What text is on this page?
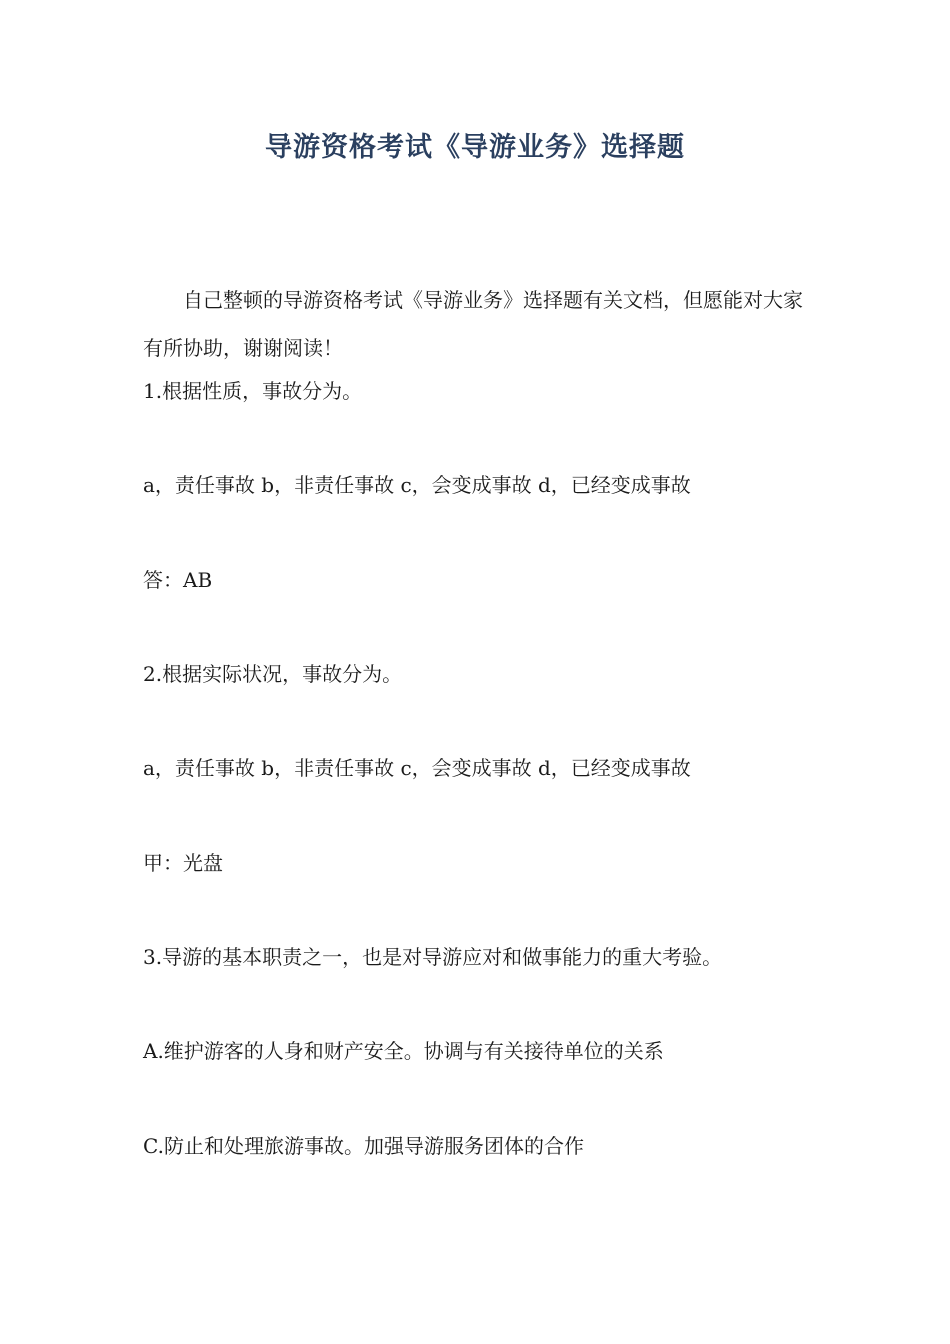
导游资格考试《导游业务》选择题
自己整顿的导游资格考试《导游业务》选择题有关文档，但愿能对大家有所协助，谢谢阅读！
1.根据性质，事故分为。
a，责任事故 b，非责任事故 c，会变成事故 d，已经变成事故
答：AB
2.根据实际状况，事故分为。
a，责任事故 b，非责任事故 c，会变成事故 d，已经变成事故
甲：光盘
3.导游的基本职责之一，也是对导游应对和做事能力的重大考验。
A.维护游客的人身和财产安全。协调与有关接待单位的关系
C.防止和处理旅游事故。加强导游服务团体的合作
